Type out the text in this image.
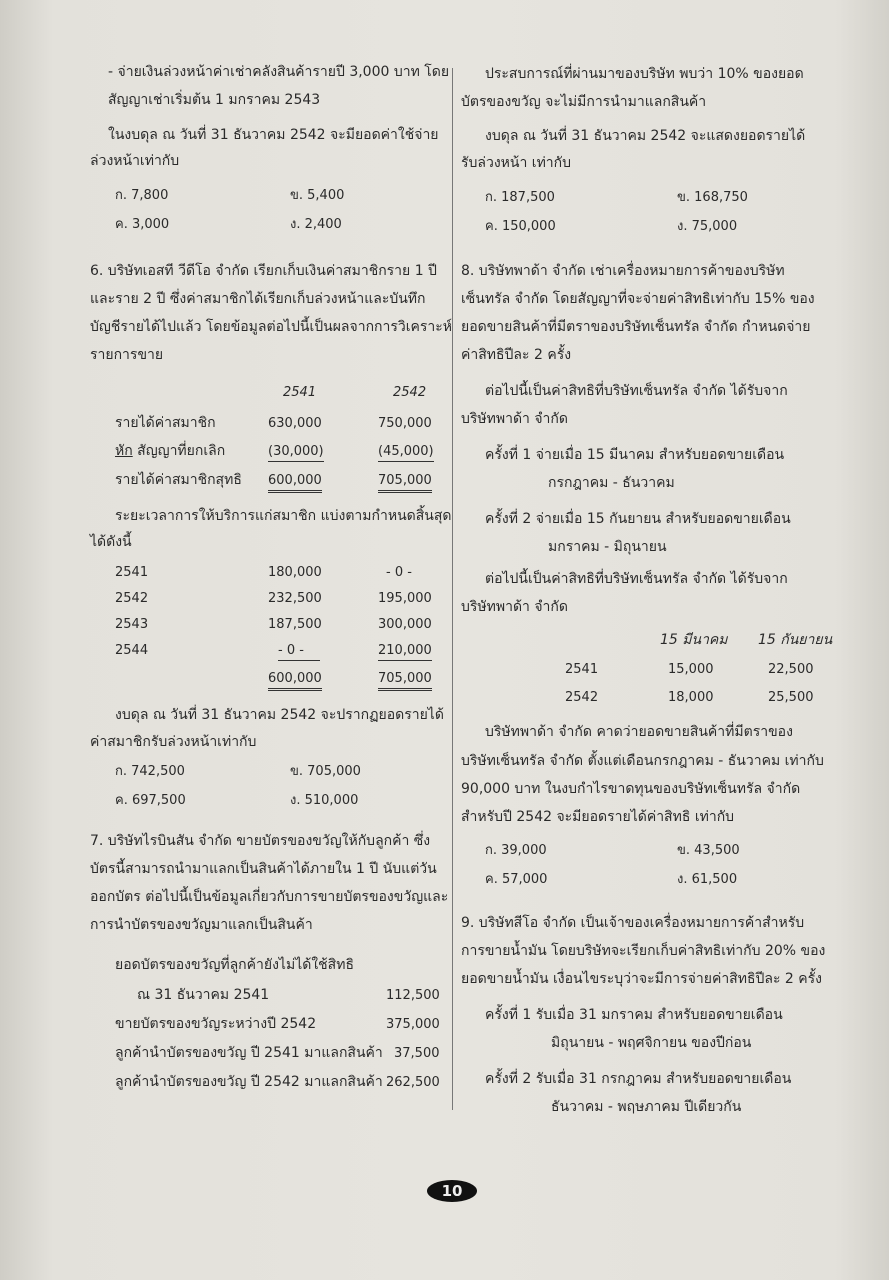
- จ่ายเงินล่วงหน้าค่าเช่าคลังสินค้ารายปี 3,000 บาท โดย
สัญญาเช่าเริ่มต้น 1 มกราคม 2543
ในงบดุล ณ วันที่ 31 ธันวาคม 2542 จะมียอดค่าใช้จ่าย
ล่วงหน้าเท่ากับ
ก. 7,800	ข. 5,400
ค. 3,000	ง. 2,400
6. บริษัทเอสที วีดีโอ จำกัด เรียกเก็บเงินค่าสมาชิกราย 1 ปี
และราย 2 ปี ซึ่งค่าสมาชิกได้เรียกเก็บล่วงหน้าและบันทึก
บัญชีรายได้ไปแล้ว โดยข้อมูลต่อไปนี้เป็นผลจากการวิเคราะห์
รายการขาย
2541	2542
รายได้ค่าสมาชิก	630,000	750,000
หัก สัญญาที่ยกเลิก	(30,000)	(45,000)
รายได้ค่าสมาชิกสุทธิ 600,000	705,000
ระยะเวลาการให้บริการแก่สมาชิก แบ่งตามกำหนดสิ้นสุด
ได้ดังนี้
2541	180,000	- 0 -
2542	232,500	195,000
2543	187,500	300,000
2544	- 0 -	210,000
600,000	705,000
งบดุล ณ วันที่ 31 ธันวาคม 2542 จะปรากฏยอดรายได้
ค่าสมาชิกรับล่วงหน้าเท่ากับ
ก. 742,500	ข. 705,000
ค. 697,500	ง. 510,000
7. บริษัทไรบินสัน จำกัด ขายบัตรของขวัญให้กับลูกค้า ซึ่ง
บัตรนี้สามารถนำมาแลกเป็นสินค้าได้ภายใน 1 ปี นับแต่วัน
ออกบัตร ต่อไปนี้เป็นข้อมูลเกี่ยวกับการขายบัตรของขวัญและ
การนำบัตรของขวัญมาแลกเป็นสินค้า
ยอดบัตรของขวัญที่ลูกค้ายังไม่ได้ใช้สิทธิ
ณ 31 ธันวาคม 2541	112,500
ขายบัตรของขวัญระหว่างปี 2542	375,000
ลูกค้านำบัตรของขวัญ ปี 2541 มาแลกสินค้า 37,500
ลูกค้านำบัตรของขวัญ ปี 2542 มาแลกสินค้า 262,500
ประสบการณ์ที่ผ่านมาของบริษัท พบว่า 10% ของยอด
บัตรของขวัญ จะไม่มีการนำมาแลกสินค้า
งบดุล ณ วันที่ 31 ธันวาคม 2542 จะแสดงยอดรายได้
รับล่วงหน้า เท่ากับ
ก. 187,500	ข. 168,750
ค. 150,000	ง. 75,000
8. บริษัทพาด้า จำกัด เช่าเครื่องหมายการค้าของบริษัท
เซ็นทรัล จำกัด โดยสัญญาที่จะจ่ายค่าสิทธิเท่ากับ 15% ของ
ยอดขายสินค้าที่มีตราของบริษัทเซ็นทรัล จำกัด กำหนดจ่าย
ค่าสิทธิปีละ 2 ครั้ง
ต่อไปนี้เป็นค่าสิทธิที่บริษัทเซ็นทรัล จำกัด ได้รับจาก
บริษัทพาด้า จำกัด
ครั้งที่ 1 จ่ายเมื่อ 15 มีนาคม สำหรับยอดขายเดือน
กรกฎาคม - ธันวาคม
ครั้งที่ 2 จ่ายเมื่อ 15 กันยายน สำหรับยอดขายเดือน
มกราคม - มิถุนายน
ต่อไปนี้เป็นค่าสิทธิที่บริษัทเซ็นทรัล จำกัด ได้รับจาก
บริษัทพาด้า จำกัด
15 มีนาคม 15 กันยายน
2541	15,000	22,500
2542	18,000	25,500
บริษัทพาด้า จำกัด คาดว่ายอดขายสินค้าที่มีตราของ
บริษัทเซ็นทรัล จำกัด ตั้งแต่เดือนกรกฎาคม - ธันวาคม เท่ากับ
90,000 บาท ในงบกำไรขาดทุนของบริษัทเซ็นทรัล จำกัด
สำหรับปี 2542 จะมียอดรายได้ค่าสิทธิ เท่ากับ
ก. 39,000	ข. 43,500
ค. 57,000	ง. 61,500
9. บริษัทสีโอ จำกัด เป็นเจ้าของเครื่องหมายการค้าสำหรับ
การขายน้ำมัน โดยบริษัทจะเรียกเก็บค่าสิทธิเท่ากับ 20% ของ
ยอดขายน้ำมัน เงื่อนไขระบุว่าจะมีการจ่ายค่าสิทธิปีละ 2 ครั้ง
ครั้งที่ 1 รับเมื่อ 31 มกราคม สำหรับยอดขายเดือน
มิถุนายน - พฤศจิกายน ของปีก่อน
ครั้งที่ 2 รับเมื่อ 31 กรกฎาคม สำหรับยอดขายเดือน
ธันวาคม - พฤษภาคม ปีเดียวกัน
10
